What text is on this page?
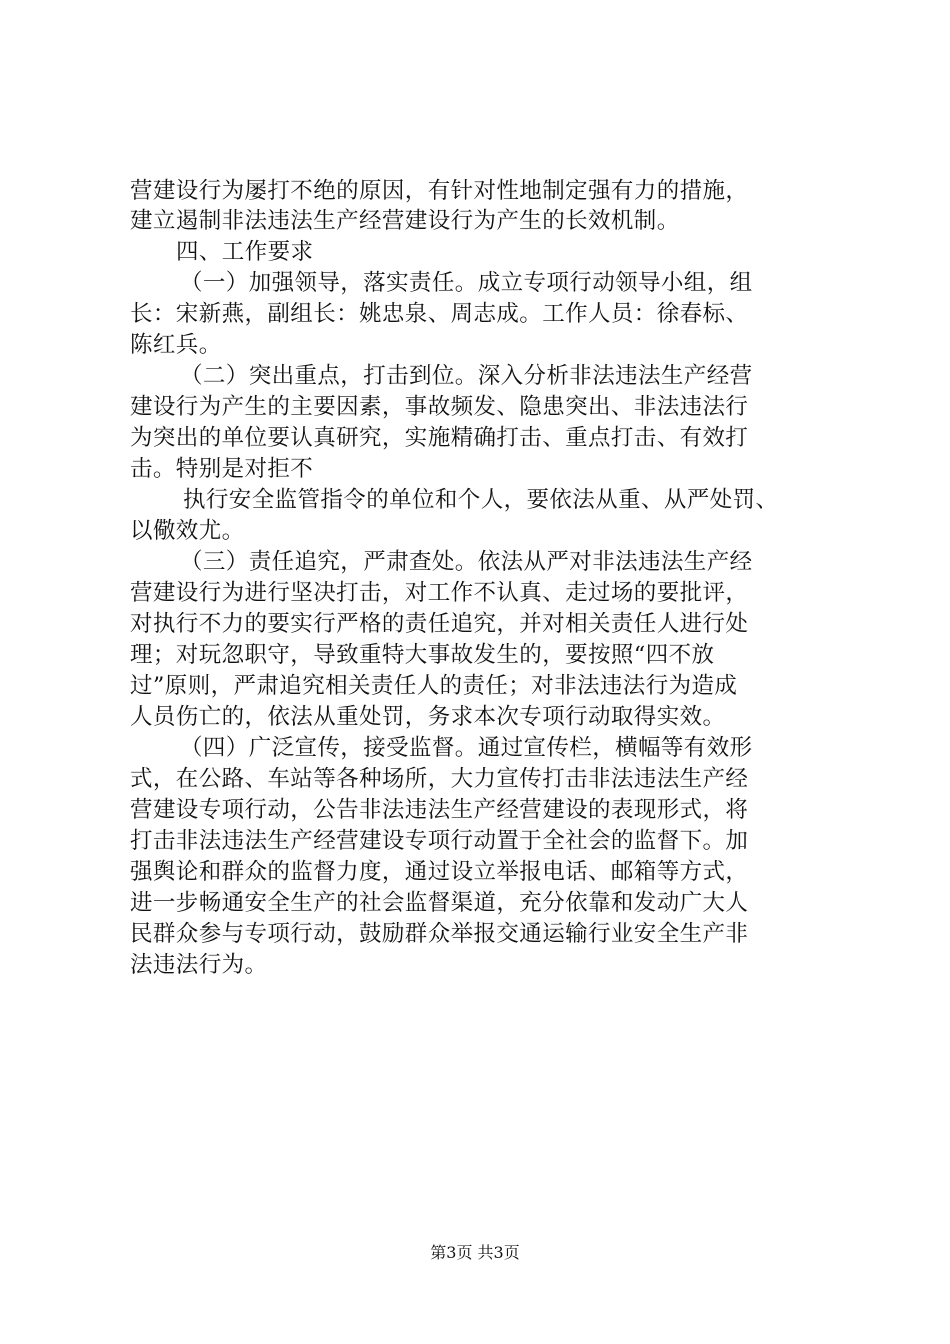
营建设行为屡打不绝的原因，有针对性地制定强有力的措施，
建立遏制非法违法生产经营建设行为产生的长效机制。
四、工作要求
（一）加强领导，落实责任。成立专项行动领导小组，组
长：宋新燕，副组长：姚忠泉、周志成。工作人员：徐春标、
陈红兵。
（二）突出重点，打击到位。深入分析非法违法生产经营
建设行为产生的主要因素，事故频发、隐患突出、非法违法行
为突出的单位要认真研究，实施精确打击、重点打击、有效打
击。特别是对拒不
执行安全监管指令的单位和个人，要依法从重、从严处罚、
以儆效尤。
（三）责任追究，严肃查处。依法从严对非法违法生产经
营建设行为进行坚决打击，对工作不认真、走过场的要批评，
对执行不力的要实行严格的责任追究，并对相关责任人进行处
理；对玩忽职守，导致重特大事故发生的，要按照“四不放
过”原则，严肃追究相关责任人的责任；对非法违法行为造成
人员伤亡的，依法从重处罚，务求本次专项行动取得实效。
（四）广泛宣传，接受监督。通过宣传栏，横幅等有效形
式，在公路、车站等各种场所，大力宣传打击非法违法生产经
营建设专项行动，公告非法违法生产经营建设的表现形式，将
打击非法违法生产经营建设专项行动置于全社会的监督下。加
强舆论和群众的监督力度，通过设立举报电话、邮箱等方式，
进一步畅通安全生产的社会监督渠道，充分依靠和发动广大人
民群众参与专项行动，鼓励群众举报交通运输行业安全生产非
法违法行为。
第3页 共3页
